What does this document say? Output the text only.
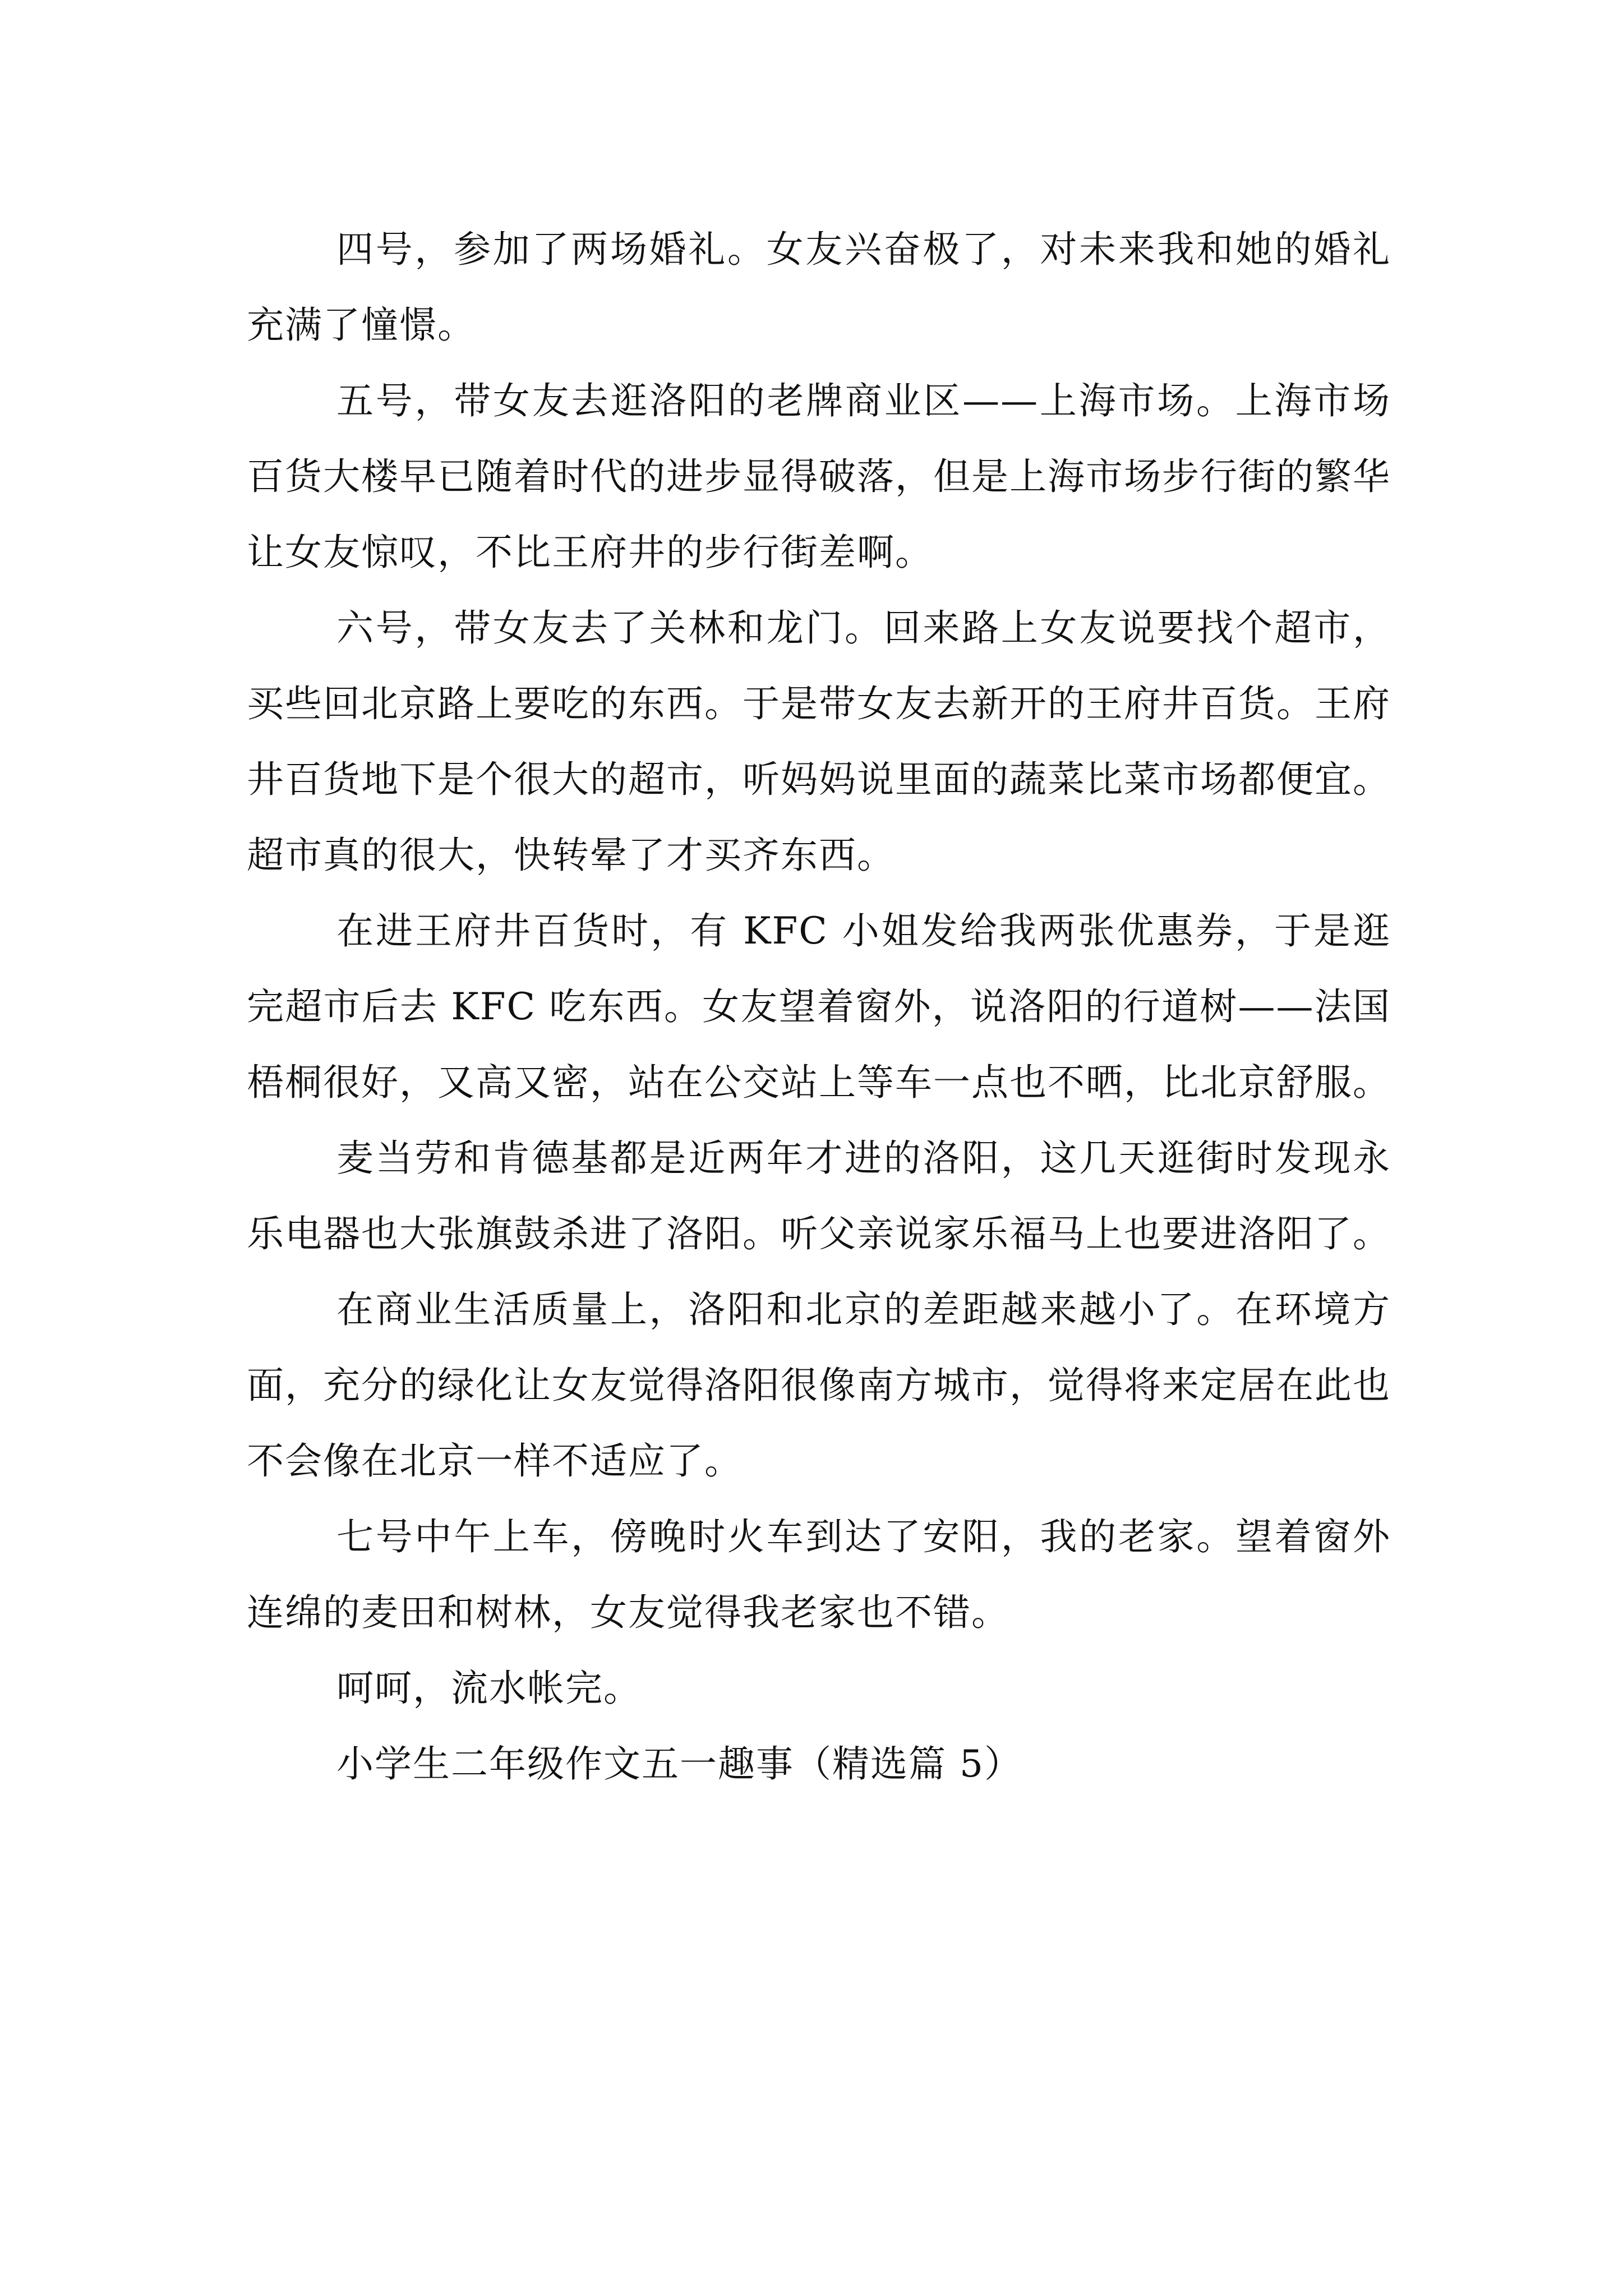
四号，参加了两场婚礼。女友兴奋极了，对未来我和她的婚礼充满了憧憬。

五号，带女友去逛洛阳的老牌商业区——上海市场。上海市场百货大楼早已随着时代的进步显得破落，但是上海市场步行街的繁华让女友惊叹，不比王府井的步行街差啊。

六号，带女友去了关林和龙门。回来路上女友说要找个超市，买些回北京路上要吃的东西。于是带女友去新开的王府井百货。王府井百货地下是个很大的超市，听妈妈说里面的蔬菜比菜市场都便宜。超市真的很大，快转晕了才买齐东西。

在进王府井百货时，有 KFC 小姐发给我两张优惠券，于是逛完超市后去 KFC 吃东西。女友望着窗外，说洛阳的行道树——法国梧桐很好，又高又密，站在公交站上等车一点也不晒，比北京舒服。

麦当劳和肯德基都是近两年才进的洛阳，这几天逛街时发现永乐电器也大张旗鼓杀进了洛阳。听父亲说家乐福马上也要进洛阳了。

在商业生活质量上，洛阳和北京的差距越来越小了。在环境方面，充分的绿化让女友觉得洛阳很像南方城市，觉得将来定居在此也不会像在北京一样不适应了。

七号中午上车，傍晚时火车到达了安阳，我的老家。望着窗外连绵的麦田和树林，女友觉得我老家也不错。

呵呵，流水帐完。

小学生二年级作文五一趣事（精选篇 5）
